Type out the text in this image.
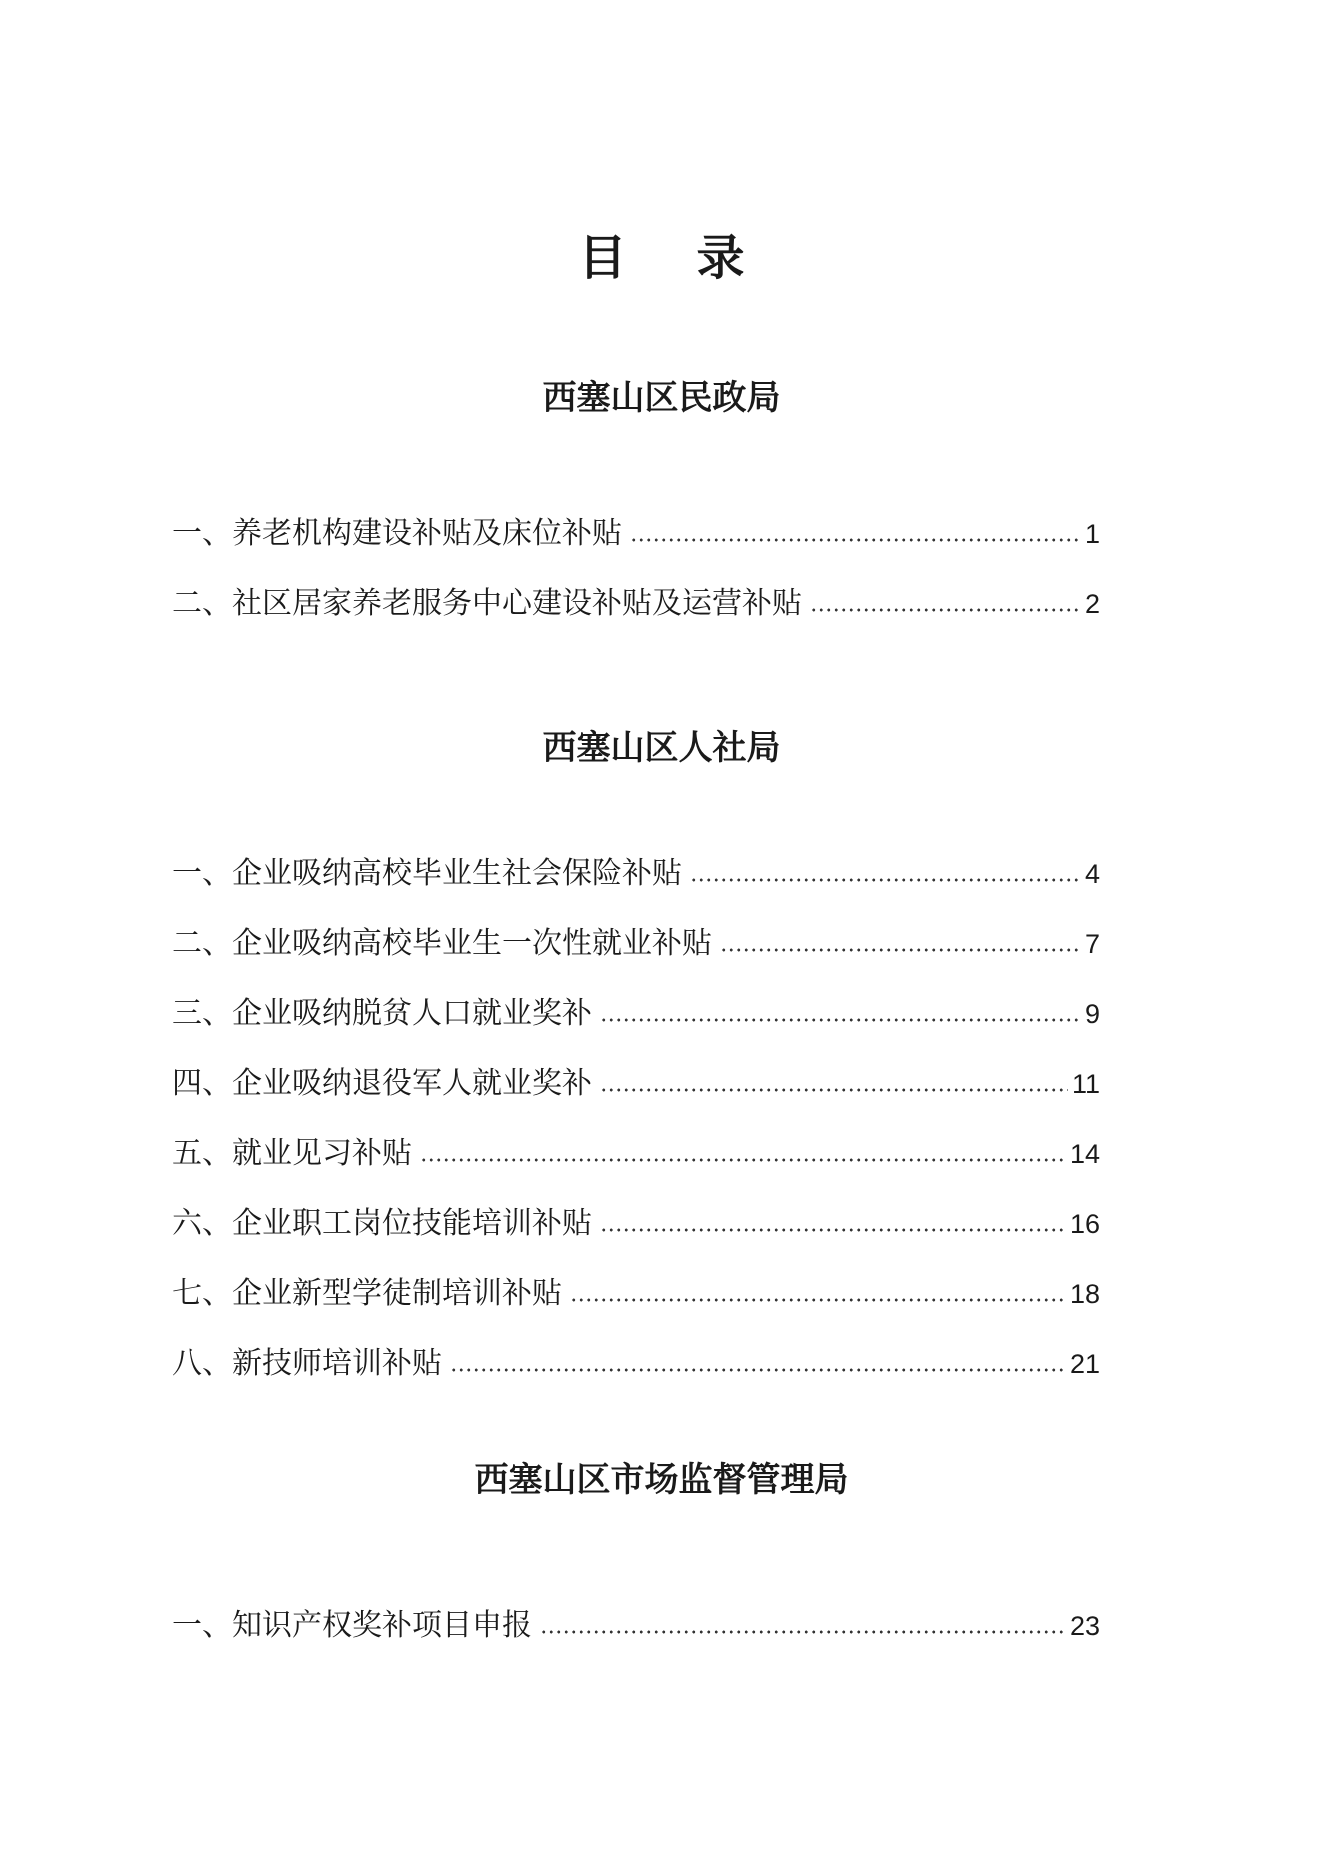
目 录
西塞山区民政局
一、养老机构建设补贴及床位补贴	1
二、社区居家养老服务中心建设补贴及运营补贴	2
西塞山区人社局
一、企业吸纳高校毕业生社会保险补贴	4
二、企业吸纳高校毕业生一次性就业补贴	7
三、企业吸纳脱贫人口就业奖补	9
四、企业吸纳退役军人就业奖补	11
五、就业见习补贴	14
六、企业职工岗位技能培训补贴	16
七、企业新型学徒制培训补贴	18
八、新技师培训补贴	21
西塞山区市场监督管理局
一、知识产权奖补项目申报	23
